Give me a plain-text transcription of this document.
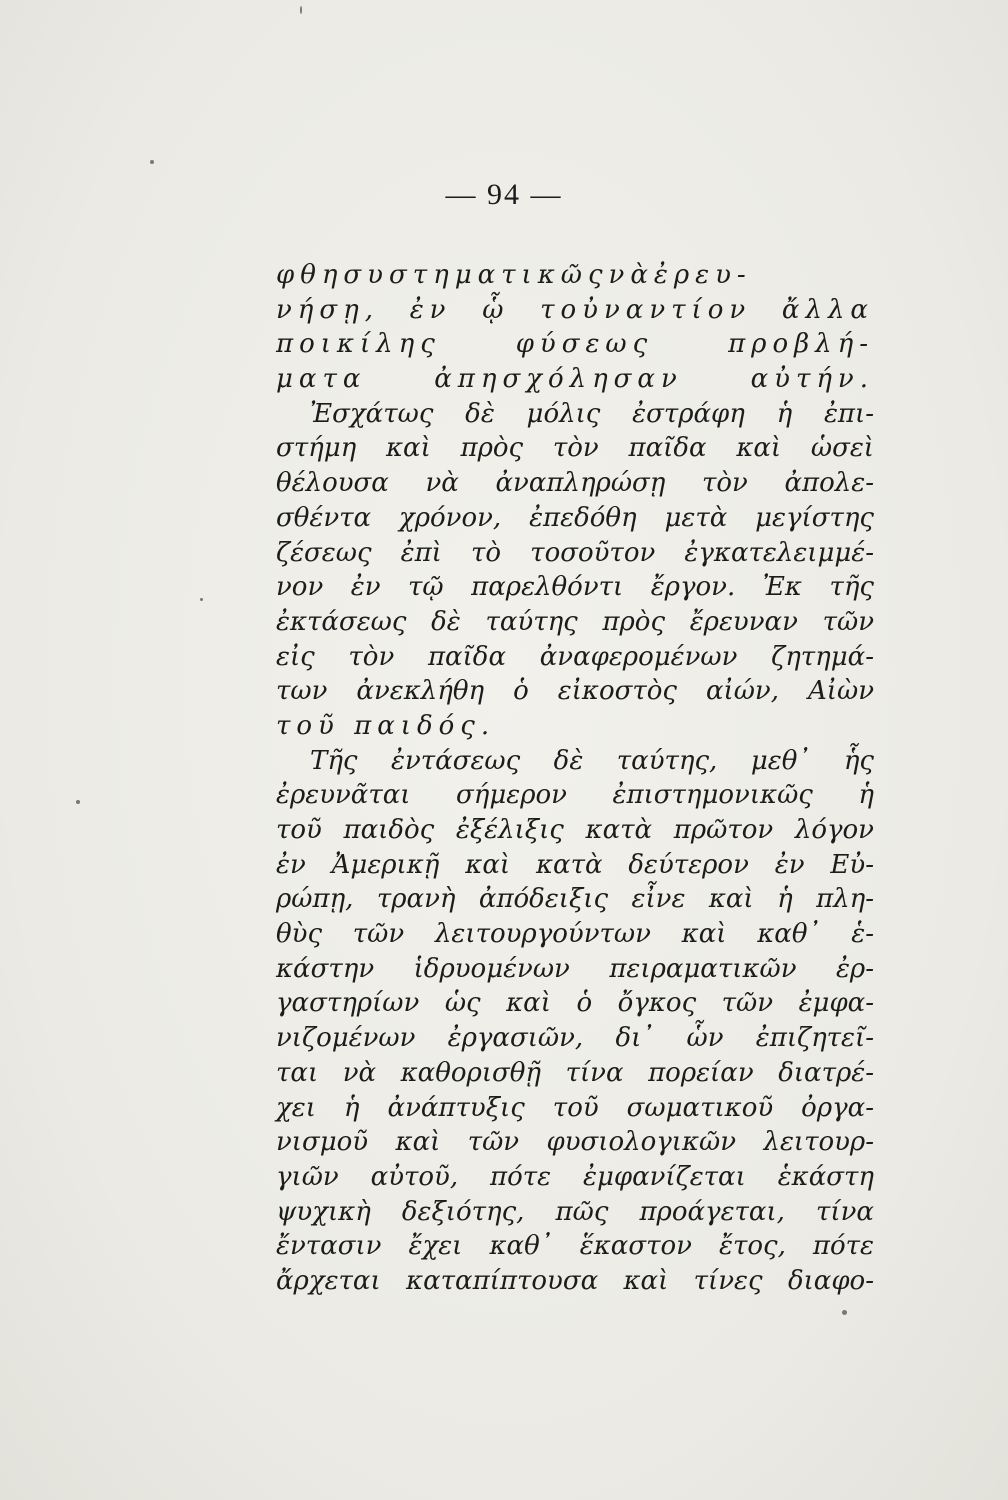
— 94 —
φθησυστηματικῶςνὰἐρευ-
νήσῃ, ἐν ᾧ τοὐναντίον ἄλλα
ποικίλης φύσεως προβλή-
ματα ἀπησχόλησαν αὐτήν.
Ἐσχάτως δὲ μόλις ἐστράφη ἡ ἐπι-
στήμη καὶ πρὸς τὸν παῖδα καὶ ὡσεὶ
θέλουσα νὰ ἀναπληρώσῃ τὸν ἀπολε-
σθέντα χρόνον, ἐπεδόθη μετὰ μεγίστης
ζέσεως ἐπὶ τὸ τοσοῦτον ἐγκατελειμμέ-
νον ἐν τῷ παρελθόντι ἔργον. Ἐκ τῆς
ἐκτάσεως δὲ ταύτης πρὸς ἔρευναν τῶν
εἰς τὸν παῖδα ἀναφερομένων ζητημά-
των ἀνεκλήθη ὁ εἰκοστὸς αἰών, Αἰὼν
τοῦ παιδός.
Τῆς ἐντάσεως δὲ ταύτης, μεθ᾽ ἧς
ἐρευνᾶται σήμερον ἐπιστημονικῶς ἡ
τοῦ παιδὸς ἐξέλιξις κατὰ πρῶτον λόγον
ἐν Ἀμερικῇ καὶ κατὰ δεύτερον ἐν Εὐ-
ρώπῃ, τρανὴ ἀπόδειξις εἶνε καὶ ἡ πλη-
θὺς τῶν λειτουργούντων καὶ καθ᾽ ἑ-
κάστην ἱδρυομένων πειραματικῶν ἐρ-
γαστηρίων ὡς καὶ ὁ ὄγκος τῶν ἐμφα-
νιζομένων ἐργασιῶν, δι᾽ ὧν ἐπιζητεῖ-
ται νὰ καθορισθῇ τίνα πορείαν διατρέ-
χει ἡ ἀνάπτυξις τοῦ σωματικοῦ ὀργα-
νισμοῦ καὶ τῶν φυσιολογικῶν λειτουρ-
γιῶν αὐτοῦ, πότε ἐμφανίζεται ἑκάστη
ψυχικὴ δεξιότης, πῶς προάγεται, τίνα
ἔντασιν ἔχει καθ᾽ ἕκαστον ἔτος, πότε
ἄρχεται καταπίπτουσα καὶ τίνες διαφο-
